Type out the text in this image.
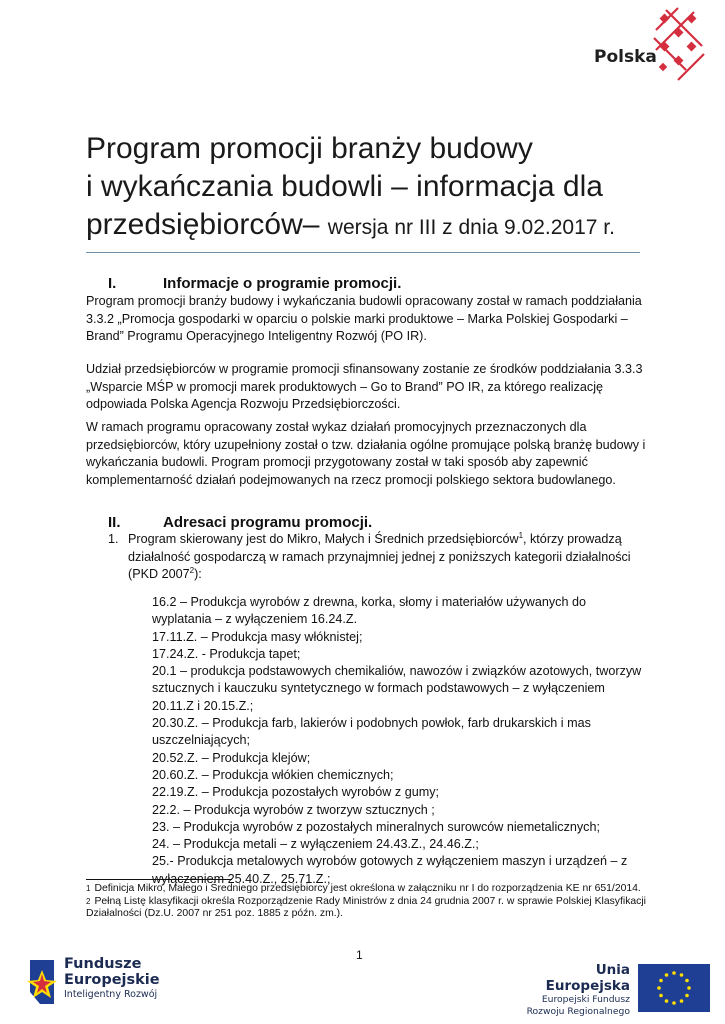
Polska
Program promocji branży budowy
i wykańczania budowli – informacja dla
przedsiębiorców– wersja nr III z dnia 9.02.2017 r.
I.	Informacje o programie promocji.
Program promocji branży budowy i wykańczania budowli opracowany został w ramach poddziałania 3.3.2 „Promocja gospodarki w oparciu o polskie marki produktowe – Marka Polskiej Gospodarki – Brand” Programu Operacyjnego Inteligentny Rozwój (PO IR).
Udział przedsiębiorców w programie promocji sfinansowany zostanie ze środków poddziałania 3.3.3 „Wsparcie MŚP w promocji marek produktowych – Go to Brand” PO IR, za którego realizację odpowiada Polska Agencja Rozwoju Przedsiębiorczości.
W ramach programu opracowany został wykaz działań promocyjnych przeznaczonych dla przedsiębiorców, który uzupełniony został o tzw. działania ogólne promujące polską branżę budowy i wykańczania budowli. Program promocji przygotowany został w taki sposób aby zapewnić komplementarność działań podejmowanych na rzecz promocji polskiego sektora budowlanego.
II.	Adresaci programu promocji.
1. Program skierowany jest do Mikro, Małych i Średnich przedsiębiorców$^1$, którzy prowadzą działalność gospodarczą w ramach przynajmniej jednej z poniższych kategorii działalności (PKD 2007$^2$):
16.2 – Produkcja wyrobów z drewna, korka, słomy i materiałów używanych do wyplatania – z wyłączeniem 16.24.Z.
17.11.Z. – Produkcja masy włóknistej;
17.24.Z. - Produkcja tapet;
20.1 – produkcja podstawowych chemikaliów, nawozów i związków azotowych, tworzyw sztucznych i kauczuku syntetycznego w formach podstawowych – z wyłączeniem 20.11.Z i 20.15.Z.;
20.30.Z. – Produkcja farb, lakierów i podobnych powłok, farb drukarskich i mas uszczelniających;
20.52.Z. – Produkcja klejów;
20.60.Z. – Produkcja włókien chemicznych;
22.19.Z. – Produkcja pozostałych wyrobów z gumy;
22.2. – Produkcja wyrobów z tworzyw sztucznych ;
23. – Produkcja wyrobów z pozostałych mineralnych surowców niemetalicznych;
24. – Produkcja metali – z wyłączeniem 24.43.Z., 24.46.Z.;
25.- Produkcja metalowych wyrobów gotowych z wyłączeniem maszyn i urządzeń – z wyłączeniem 25.40.Z., 25.71.Z.;

$^1$ Definicja Mikro, Małego i Średniego przedsiębiorcy jest określona w załączniku nr I do rozporządzenia KE nr 651/2014.

$^2$ Pełną Listę klasyfikacji określa Rozporządzenie Rady Ministrów z dnia 24 grudnia 2007 r. w sprawie Polskiej Klasyfikacji Działalności (Dz.U. 2007 nr 251 poz. 1885 z późn. zm.).

1
Fundusze
Europejskie
Inteligentny Rozwój
Unia Europejska
Europejski Fundusz
Rozwoju Regionalnego
